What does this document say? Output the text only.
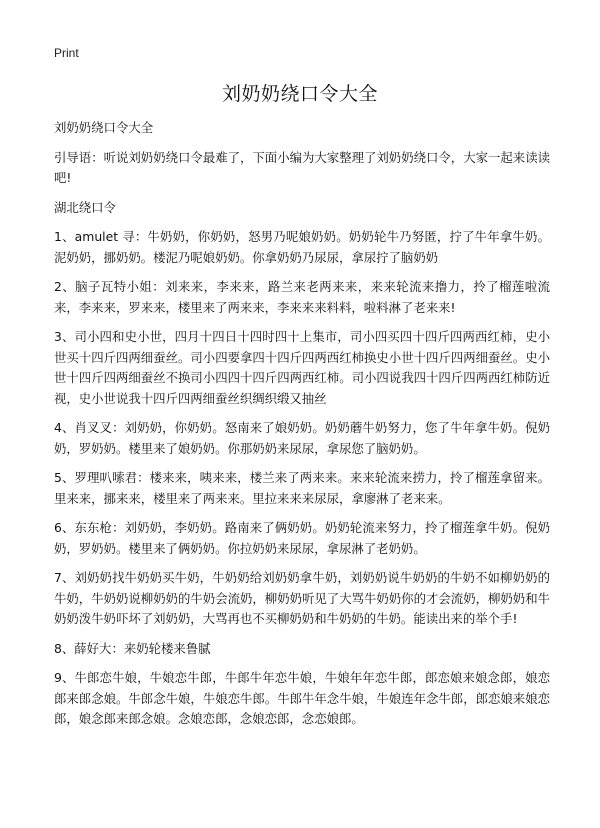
Print
刘奶奶绕口令大全

刘奶奶绕口令大全

引导语：听说刘奶奶绕口令最难了，下面小编为大家整理了刘奶奶绕口令，大家一起来读读吧!

湖北绕口令

1、amulet 寻：牛奶奶，你奶奶，怒男乃呢娘奶奶。奶奶轮牛乃努匿，拧了牛年拿牛奶。泥奶奶，挪奶奶。楼泥乃呢娘奶奶。你拿奶奶乃尿尿，拿尿拧了脑奶奶

2、脑子瓦特小姐：刘来来，李来来，路兰来老两来来，来来轮流来撸力，拎了榴莲啦流来，李来来，罗来来，楼里来了两来来，李来来来料料，啦料淋了老来来!

3、司小四和史小世，四月十四日十四时四十上集市，司小四买四十四斤四两西红柿，史小世买十四斤四两细蚕丝。司小四要拿四十四斤四两西红柿换史小世十四斤四两细蚕丝。史小世十四斤四两细蚕丝不换司小四四十四斤四两西红柿。司小四说我四十四斤四两西红柿防近视，史小世说我十四斤四两细蚕丝织绸织缎又抽丝

4、肖叉叉：刘奶奶，你奶奶。怒南来了娘奶奶。奶奶蘑牛奶努力，您了牛年拿牛奶。倪奶奶，罗奶奶。楼里来了娘奶奶。你那奶奶来尿尿，拿尿您了脑奶奶。

5、罗理叭嗦君：楼来来，咦来来，楼兰来了两来来。来来轮流来捞力，拎了榴莲拿留来。里来来，挪来来，楼里来了两来来。里拉来来来尿尿，拿廖淋了老来来。

6、东东枪：刘奶奶，李奶奶。路南来了俩奶奶。奶奶轮流来努力，拎了榴莲拿牛奶。倪奶奶，罗奶奶。楼里来了俩奶奶。你拉奶奶来尿尿，拿尿淋了老奶奶。

7、刘奶奶找牛奶奶买牛奶，牛奶奶给刘奶奶拿牛奶，刘奶奶说牛奶奶的牛奶不如柳奶奶的牛奶，牛奶奶说柳奶奶的牛奶会流奶，柳奶奶听见了大骂牛奶奶你的才会流奶，柳奶奶和牛奶奶泼牛奶吓坏了刘奶奶，大骂再也不买柳奶奶和牛奶奶的牛奶。能读出来的举个手!

8、薛好大：来奶轮楼来鲁腻

9、牛郎恋牛娘，牛娘恋牛郎，牛郎牛年恋牛娘，牛娘年年恋牛郎，郎恋娘来娘念郎，娘恋郎来郎念娘。牛郎念牛娘，牛娘恋牛郎。牛郎牛年念牛娘，牛娘连年念牛郎，郎恋娘来娘恋郎，娘念郎来郎念娘。念娘恋郎，念娘恋郎，念恋娘郎。
